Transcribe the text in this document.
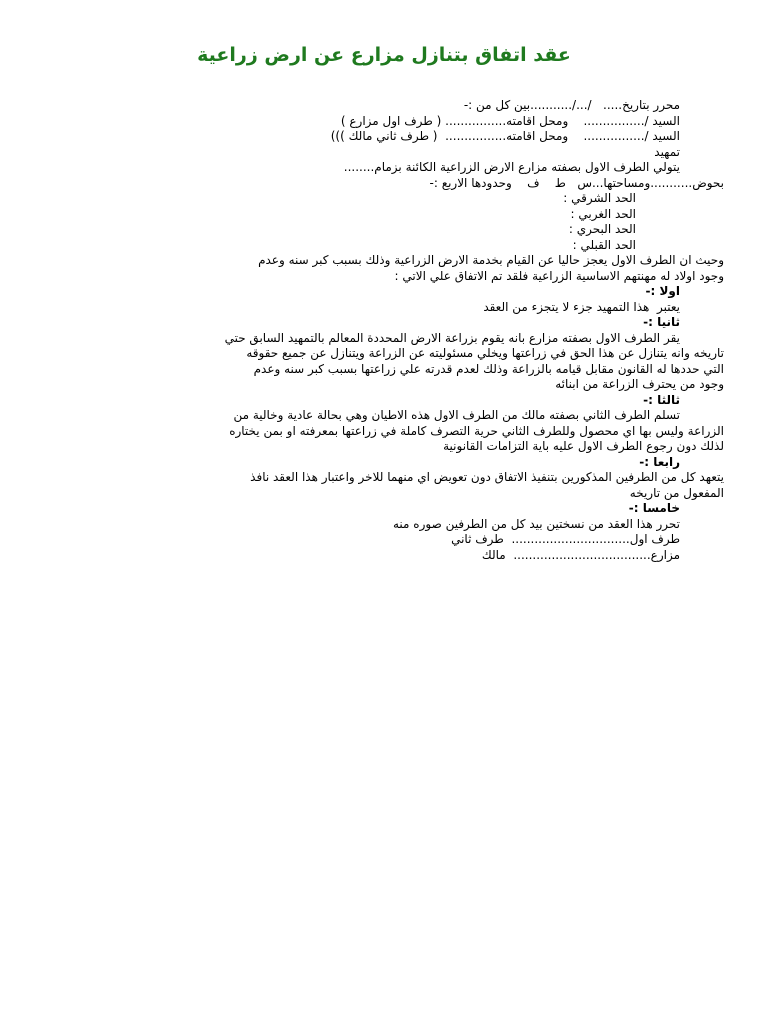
عقد اتفاق بتنازل مزارع عن ارض زراعية

محرر بتاريخ.....   /.../...........بين كل من :-

السيد /................    ومحل اقامته................ ( طرف اول مزارع )

السيد /................    ومحل اقامته................  ( طرف ثاني مالك )))

تمهيد

يتولي الطرف الاول بصفته مزارع الارض الزراعية الكائنة بزمام........

بحوض...........ومساحتها...س   ط    ف    وحدودها الاربع :-

الحد الشرقي :

الحد الغربي :

الحد البحري :

الحد القبلي :

وحيث ان الطرف الاول يعجز حاليا عن القيام بخدمة الارض الزراعية وذلك بسبب كبر سنه وعدم

وجود اولاد له مهنتهم الاساسية الزراعية فلقد تم الاتفاق علي الاتي :

اولا :-

يعتبر  هذا التمهيد جزء لا يتجزء من العقد

ثانيا :-

يقر الطرف الاول بصفته مزارع بانه يقوم بزراعة الارض المحددة المعالم بالتمهيد السابق حتي

تاريخه وانه يتنازل عن هذا الحق في زراعتها ويخلي مسئوليته عن الزراعة ويتنازل عن جميع حقوقه

التي حددها له القانون مقابل قيامه بالزراعة وذلك لعدم قدرته علي زراعتها بسبب كبر سنه وعدم

وجود من يحترف الزراعة من ابنائه

ثالثا :-

تسلم الطرف الثاني بصفته مالك من الطرف الاول هذه الاطيان وهي بحالة عادية وخالية من

الزراعة وليس بها اي محصول وللطرف الثاني حرية التصرف كاملة في زراعتها بمعرفته او بمن يختاره

لذلك دون رجوع الطرف الاول عليه باية التزامات القانونية

رابعا :-

يتعهد كل من الطرفين المذكورين بتنفيذ الاتفاق دون تعويض اي منهما للاخر واعتبار هذا العقد نافذ

المفعول من تاريخه

خامسا :-

تحرر هذا العقد من نسختين بيد كل من الطرفين صوره منه

طرف اول...............................  طرف ثاني

مزارع....................................  مالك
